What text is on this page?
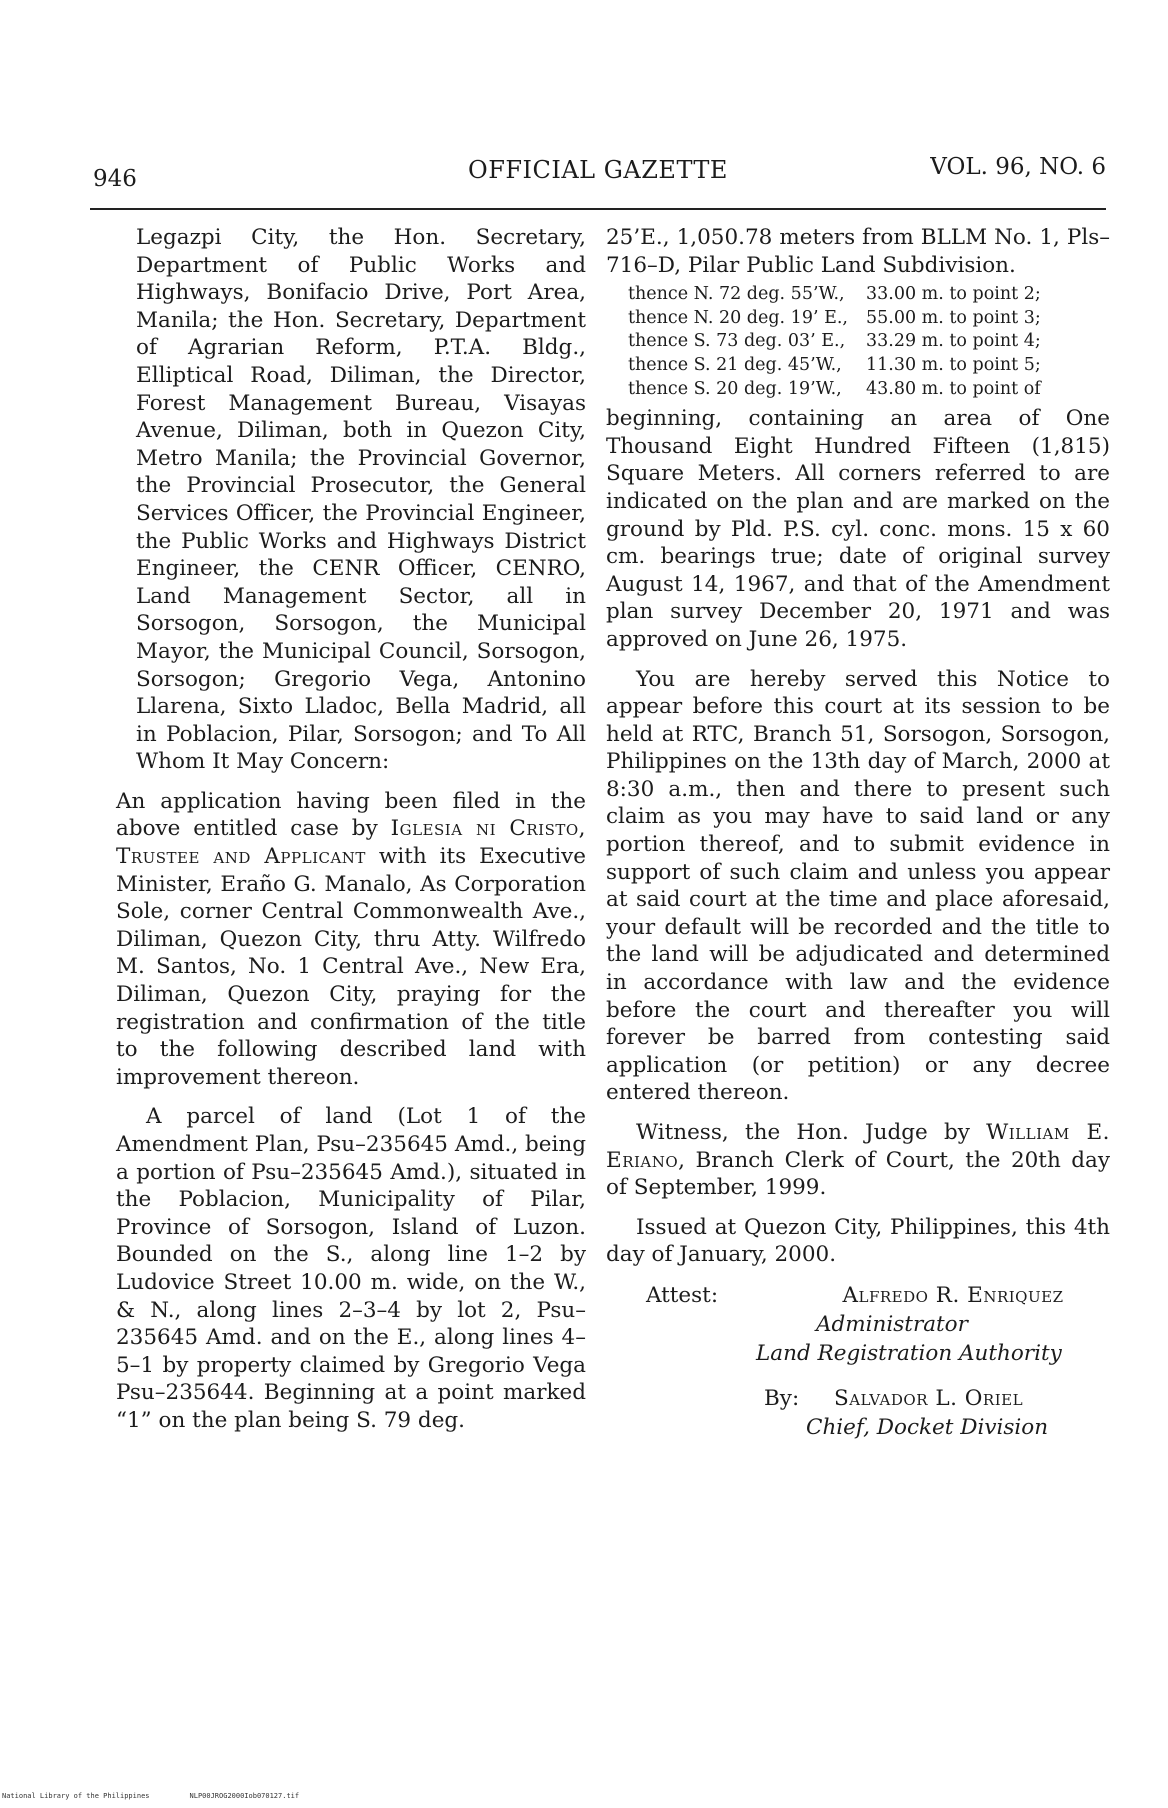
946	OFFICIAL GAZETTE	VOL. 96, NO. 6

Legazpi City, the Hon. Secretary, Department of Public Works and Highways, Bonifacio Drive, Port Area, Manila; the Hon. Secretary, Department of Agrarian Reform, P.T.A. Bldg., Elliptical Road, Diliman, the Director, Forest Management Bureau, Visayas Avenue, Diliman, both in Quezon City, Metro Manila; the Provincial Governor, the Provincial Prosecutor, the General Services Officer, the Provincial Engineer, the Public Works and Highways District Engineer, the CENR Officer, CENRO, Land Management Sector, all in Sorsogon, Sorsogon, the Municipal Mayor, the Municipal Council, Sorsogon, Sorsogon; Gregorio Vega, Antonino Llarena, Sixto Lladoc, Bella Madrid, all in Poblacion, Pilar, Sorsogon; and To All Whom It May Concern:

An application having been filed in the above entitled case by Iglesia ni Cristo, Trustee and Applicant with its Executive Minister, Eraño G. Manalo, As Corporation Sole, corner Central Commonwealth Ave., Diliman, Quezon City, thru Atty. Wilfredo M. Santos, No. 1 Central Ave., New Era, Diliman, Quezon City, praying for the registration and confirmation of the title to the following described land with improvement thereon.

A parcel of land (Lot 1 of the Amendment Plan, Psu–235645 Amd., being a portion of Psu–235645 Amd.), situated in the Poblacion, Municipality of Pilar, Province of Sorsogon, Island of Luzon. Bounded on the S., along line 1–2 by Ludovice Street 10.00 m. wide, on the W., & N., along lines 2–3–4 by lot 2, Psu–235645 Amd. and on the E., along lines 4–5–1 by property claimed by Gregorio Vega Psu–235644. Beginning at a point marked “1” on the plan being S. 79 deg.

25’E., 1,050.78 meters from BLLM No. 1, Pls–716–D, Pilar Public Land Subdivision.

thence N. 72 deg. 55’W.,	33.00 m. to point 2;
thence N. 20 deg. 19’ E.,	55.00 m. to point 3;
thence S. 73 deg. 03’ E.,	33.29 m. to point 4;
thence S. 21 deg. 45’W.,	11.30 m. to point 5;
thence S. 20 deg. 19’W.,	43.80 m. to point of

beginning, containing an area of One Thousand Eight Hundred Fifteen (1,815) Square Meters. All corners referred to are indicated on the plan and are marked on the ground by Pld. P.S. cyl. conc. mons. 15 x 60 cm. bearings true; date of original survey August 14, 1967, and that of the Amendment plan survey December 20, 1971 and was approved on June 26, 1975.

You are hereby served this Notice to appear before this court at its session to be held at RTC, Branch 51, Sorsogon, Sorsogon, Philippines on the 13th day of March, 2000 at 8:30 a.m., then and there to present such claim as you may have to said land or any portion thereof, and to submit evidence in support of such claim and unless you appear at said court at the time and place aforesaid, your default will be recorded and the title to the land will be adjudicated and determined in accordance with law and the evidence before the court and thereafter you will forever be barred from contesting said application (or petition) or any decree entered thereon.

Witness, the Hon. Judge by William E. Eriano, Branch Clerk of Court, the 20th day of September, 1999.

Issued at Quezon City, Philippines, this 4th day of January, 2000.

Attest:	Alfredo R. Enriquez
Administrator
Land Registration Authority
By:	Salvador L. Oriel
Chief, Docket Division
National Library of the Philippines	NLP00JROG2000Iob070127.tif
